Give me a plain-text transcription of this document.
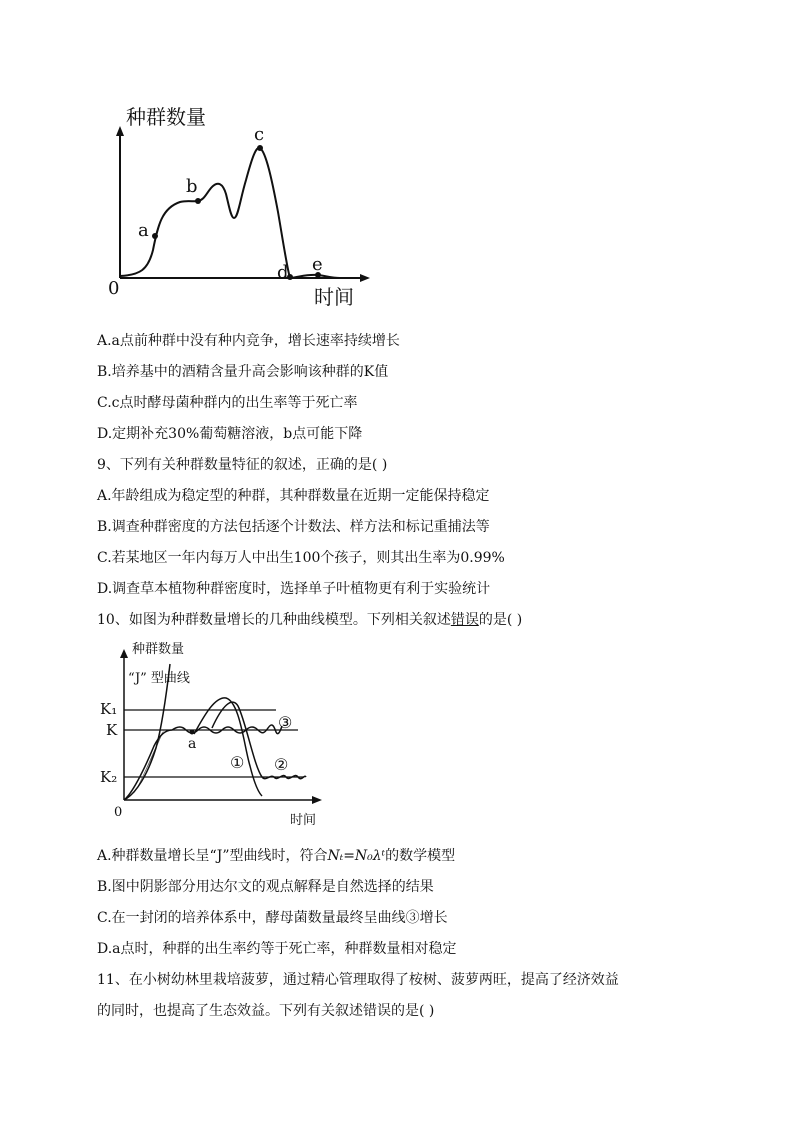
种群数量
时间
0
a
b
c
d e
A.a点前种群中没有种内竞争，增长速率持续增长
B.培养基中的酒精含量升高会影响该种群的K值
C.c点时酵母菌种群内的出生率等于死亡率
D.定期补充30%葡萄糖溶液，b点可能下降
9、下列有关种群数量特征的叙述，正确的是( )
A.年龄组成为稳定型的种群，其种群数量在近期一定能保持稳定
B.调查种群密度的方法包括逐个计数法、样方法和标记重捕法等
C.若某地区一年内每万人中出生100个孩子，则其出生率为0.99%
D.调查草本植物种群密度时，选择单子叶植物更有利于实验统计
10、如图为种群数量增长的几种曲线模型。下列相关叙述错误的是( )
种群数量
“J” 型曲线
K₁
K
K₂
0
时间
a
① ②
③
A.种群数量增长呈“J”型曲线时，符合Nₜ=N₀λᵗ的数学模型
B.图中阴影部分用达尔文的观点解释是自然选择的结果
C.在一封闭的培养体系中，酵母菌数量最终呈曲线③增长
D.a点时，种群的出生率约等于死亡率，种群数量相对稳定
11、在小树幼林里栽培菠萝，通过精心管理取得了桉树、菠萝两旺，提高了经济效益
的同时，也提高了生态效益。下列有关叙述错误的是( )
